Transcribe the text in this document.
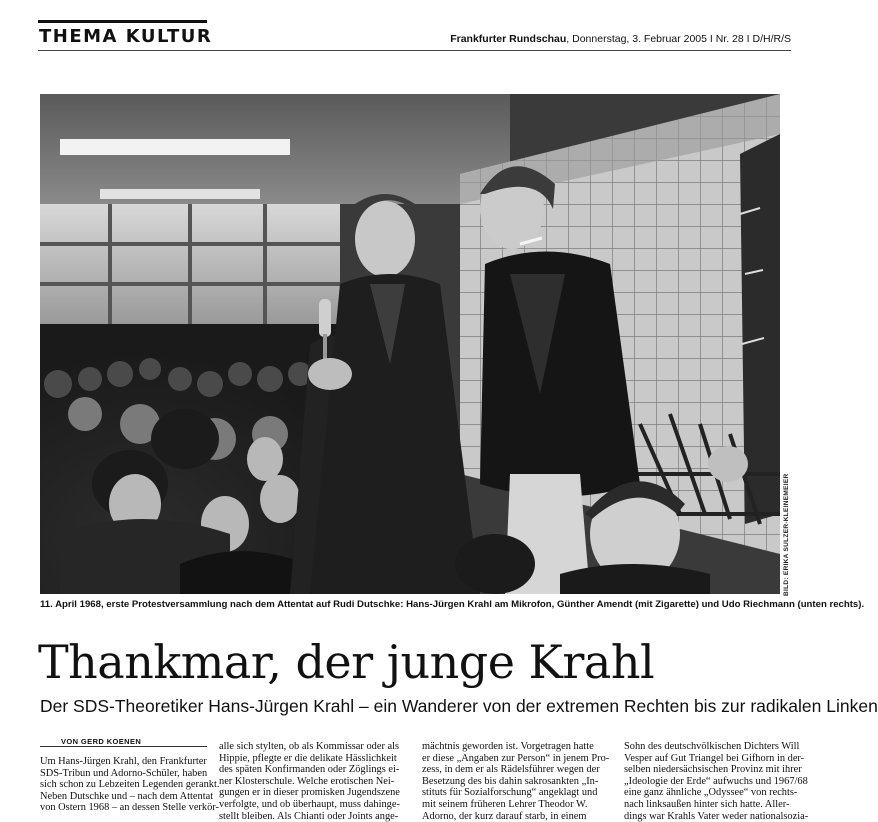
THEMA KULTUR	Frankfurter Rundschau, Donnerstag, 3. Februar 2005 I Nr. 28 I D/H/R/S
BILD: ERIKA SULZER-KLEINEMEIER
11. April 1968, erste Protestversammlung nach dem Attentat auf Rudi Dutschke: Hans-Jürgen Krahl am Mikrofon, Günther Amendt (mit Zigarette) und Udo Riechmann (unten rechts).
Thankmar, der junge Krahl
Der SDS-Theoretiker Hans-Jürgen Krahl – ein Wanderer von der extremen Rechten bis zur radikalen Linken
VON GERD KOENEN
Um Hans-Jürgen Krahl, den Frankfurter
SDS-Tribun und Adorno-Schüler, haben
sich schon zu Lebzeiten Legenden gerankt.
Neben Dutschke und – nach dem Attentat
von Ostern 1968 – an dessen Stelle verkör-
alle sich stylten, ob als Kommissar oder als
Hippie, pflegte er die delikate Hässlichkeit
des späten Konfirmanden oder Zöglings ei-
ner Klosterschule. Welche erotischen Nei-
gungen er in dieser promisken Jugendszene
verfolgte, und ob überhaupt, muss dahinge-
stellt bleiben. Als Chianti oder Joints ange-
mächtnis geworden ist. Vorgetragen hatte
er diese „Angaben zur Person“ in jenem Pro-
zess, in dem er als Rädelsführer wegen der
Besetzung des bis dahin sakrosankten „In-
stituts für Sozialforschung“ angeklagt und
mit seinem früheren Lehrer Theodor W.
Adorno, der kurz darauf starb, in einem
Sohn des deutschvölkischen Dichters Will
Vesper auf Gut Triangel bei Gifhorn in der-
selben niedersächsischen Provinz mit ihrer
„Ideologie der Erde“ aufwuchs und 1967/68
eine ganz ähnliche „Odyssee“ von rechts-
nach linksaußen hinter sich hatte. Aller-
dings war Krahls Vater weder nationalsozia-
